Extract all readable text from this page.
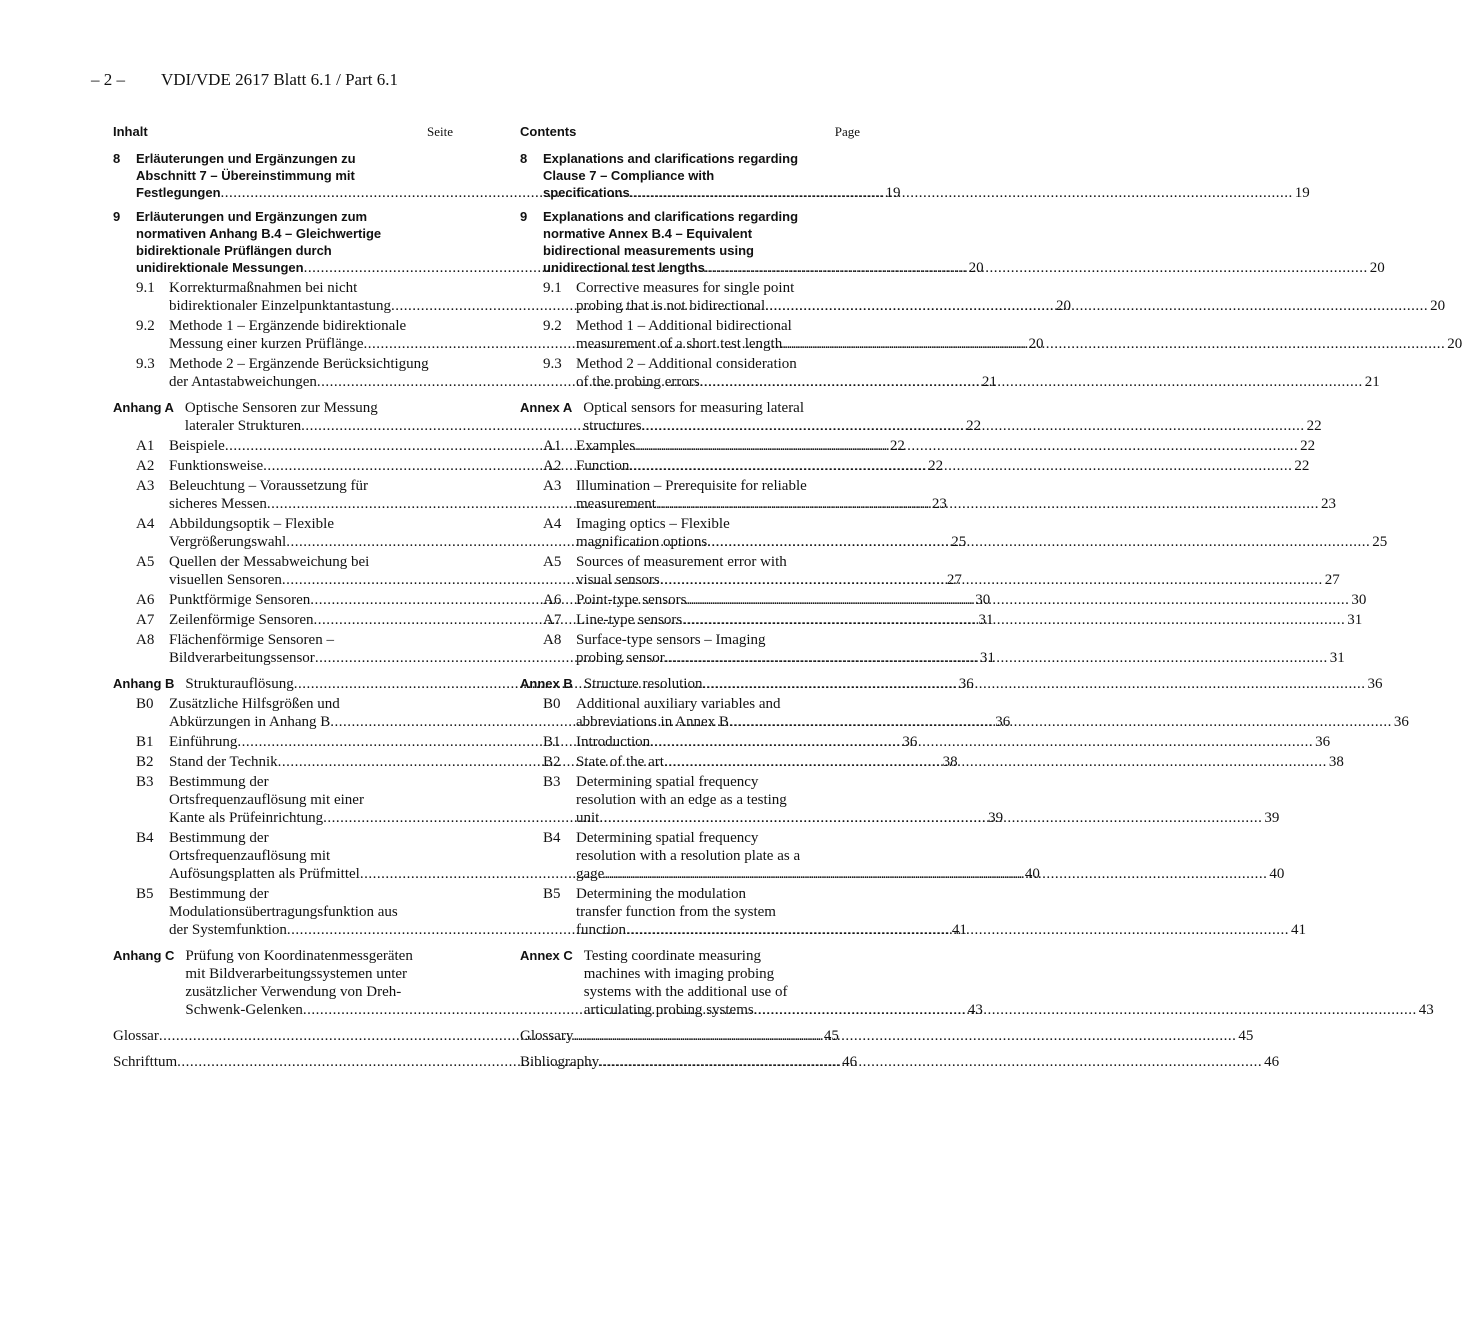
– 2 – VDI/VDE 2617 Blatt 6.1 / Part 6.1
Inhalt	Seite
8	Erläuterungen und Ergänzungen zu
Abschnitt 7 – Übereinstimmung mit
Festlegungen .....	19
9	Erläuterungen und Ergänzungen zum
normativen Anhang B.4 – Gleichwertige
bidirektionale Prüflängen durch
unidirektionale Messungen .....	20
9.1 Korrekturmaßnahmen bei nicht
bidirektionaler Einzelpunktantastung .....	20
9.2 Methode 1 – Ergänzende bidirektionale
Messung einer kurzen Prüflänge .....	20
9.3 Methode 2 – Ergänzende Berücksichtigung
der Antastabweichungen .....	21
Anhang A Optische Sensoren zur Messung
lateraler Strukturen .....	22
A1 Beispiele .....	22
A2 Funktionsweise .....	22
A3 Beleuchtung – Voraussetzung für
sicheres Messen .....	23
A4 Abbildungsoptik – Flexible
Vergrößerungswahl .....	25
A5 Quellen der Messabweichung bei
visuellen Sensoren .....	27
A6 Punktförmige Sensoren .....	30
A7 Zeilenförmige Sensoren .....	31
A8 Flächenförmige Sensoren –
Bildverarbeitungssensor .....	31
Anhang B Strukturauflösung .....	36
B0	Zusätzliche Hilfsgrößen und
Abkürzungen in Anhang B .....	36
B1	Einführung .....	36
B2	Stand der Technik .....	38
B3	Bestimmung der
Ortsfrequenzauflösung mit einer
Kante als Prüfeinrichtung .....	39
B4	Bestimmung der
Ortsfrequenzauflösung mit
Aufösungsplatten als Prüfmittel .....	40
B5	Bestimmung der
Modulationsübertragungsfunktion aus
der Systemfunktion .....	41
Anhang C Prüfung von Koordinatenmessgeräten
mit Bildverarbeitungssystemen unter
zusätzlicher Verwendung von Dreh-
Schwenk-Gelenken .....	43
Glossar .....	45
Schrifttum .....	46
Contents	Page
8	Explanations and clarifications regarding
Clause 7 – Compliance with
specifications .....	19
9	Explanations and clarifications regarding
normative Annex B.4 – Equivalent
bidirectional measurements using
unidirectional test lengths .....	20
9.1 Corrective measures for single point
probing that is not bidirectional .....	20
9.2 Method 1 – Additional bidirectional
measurement of a short test length .....	20
9.3 Method 2 – Additional consideration
of the probing errors .....	21
Annex A Optical sensors for measuring lateral
structures .....	22
A1 Examples .....	22
A2 Function .....	22
A3 Illumination – Prerequisite for reliable
measurement .....	23
A4 Imaging optics – Flexible
magnification options .....	25
A5 Sources of measurement error with
visual sensors .....	27
A6 Point-type sensors .....	30
A7 Line-type sensors .....	31
A8 Surface-type sensors – Imaging
probing sensor .....	31
Annex B Structure resolution .....	36
B0	Additional auxiliary variables and
abbreviations in Annex B .....	36
B1	Introduction .....	36
B2	State of the art .....	38
B3	Determining spatial frequency
resolution with an edge as a testing
unit .....	39
B4	Determining spatial frequency
resolution with a resolution plate as a
gage .....	40
B5	Determining the modulation
transfer function from the system
function .....	41
Annex C Testing coordinate measuring
machines with imaging probing
systems with the additional use of
articulating probing systems .....	43
Glossary .....	45
Bibliography .....	46
